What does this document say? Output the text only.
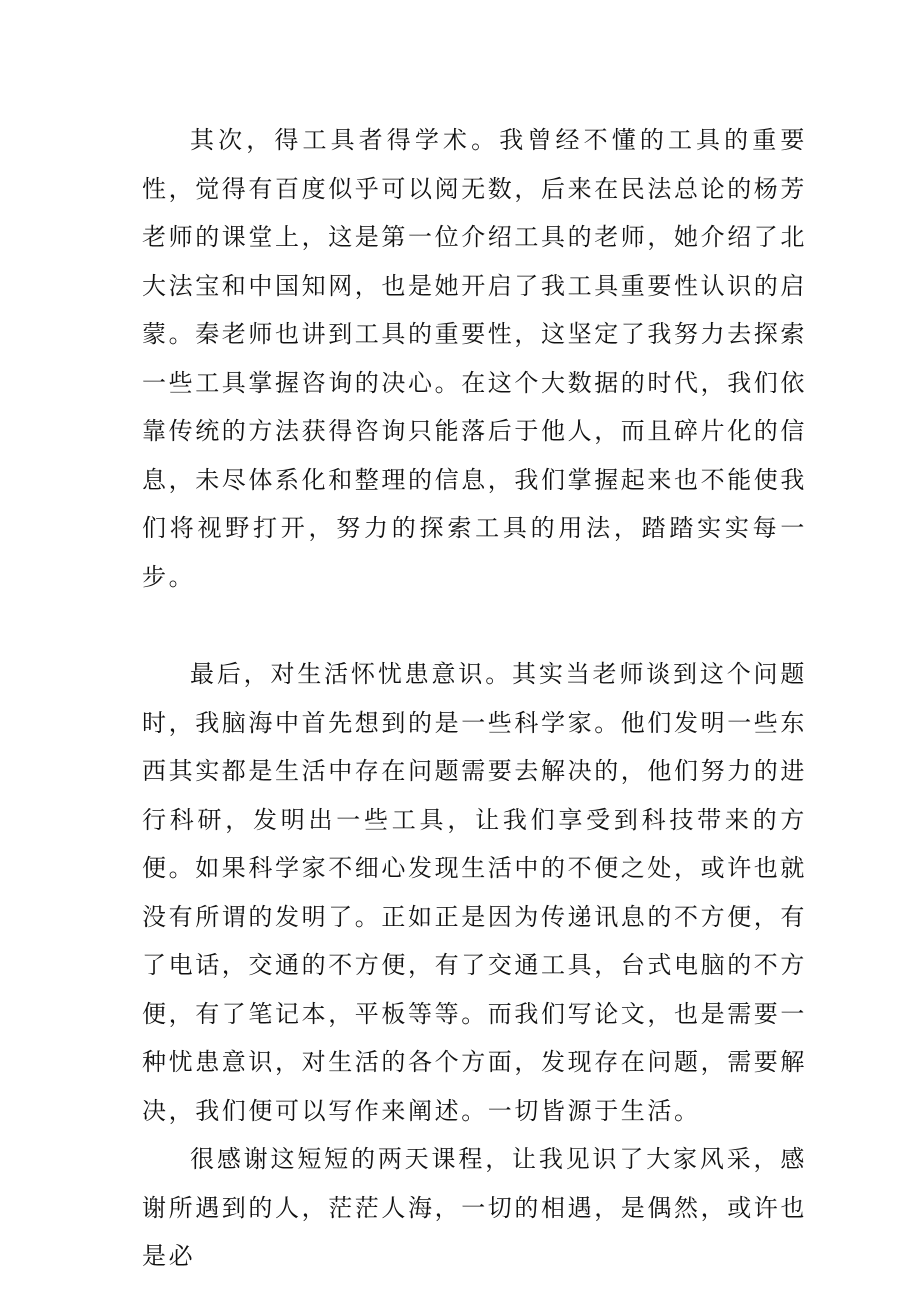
其次，得工具者得学术。我曾经不懂的工具的重要性，觉得有百度似乎可以阅无数，后来在民法总论的杨芳老师的课堂上，这是第一位介绍工具的老师，她介绍了北大法宝和中国知网，也是她开启了我工具重要性认识的启蒙。秦老师也讲到工具的重要性，这坚定了我努力去探索一些工具掌握咨询的决心。在这个大数据的时代，我们依靠传统的方法获得咨询只能落后于他人，而且碎片化的信息，未尽体系化和整理的信息，我们掌握起来也不能使我们将视野打开，努力的探索工具的用法，踏踏实实每一步。

最后，对生活怀忧患意识。其实当老师谈到这个问题时，我脑海中首先想到的是一些科学家。他们发明一些东西其实都是生活中存在问题需要去解决的，他们努力的进行科研，发明出一些工具，让我们享受到科技带来的方便。如果科学家不细心发现生活中的不便之处，或许也就没有所谓的发明了。正如正是因为传递讯息的不方便，有了电话，交通的不方便，有了交通工具，台式电脑的不方便，有了笔记本，平板等等。而我们写论文，也是需要一种忧患意识，对生活的各个方面，发现存在问题，需要解决，我们便可以写作来阐述。一切皆源于生活。

很感谢这短短的两天课程，让我见识了大家风采，感谢所遇到的人，茫茫人海，一切的相遇，是偶然，或许也是必
